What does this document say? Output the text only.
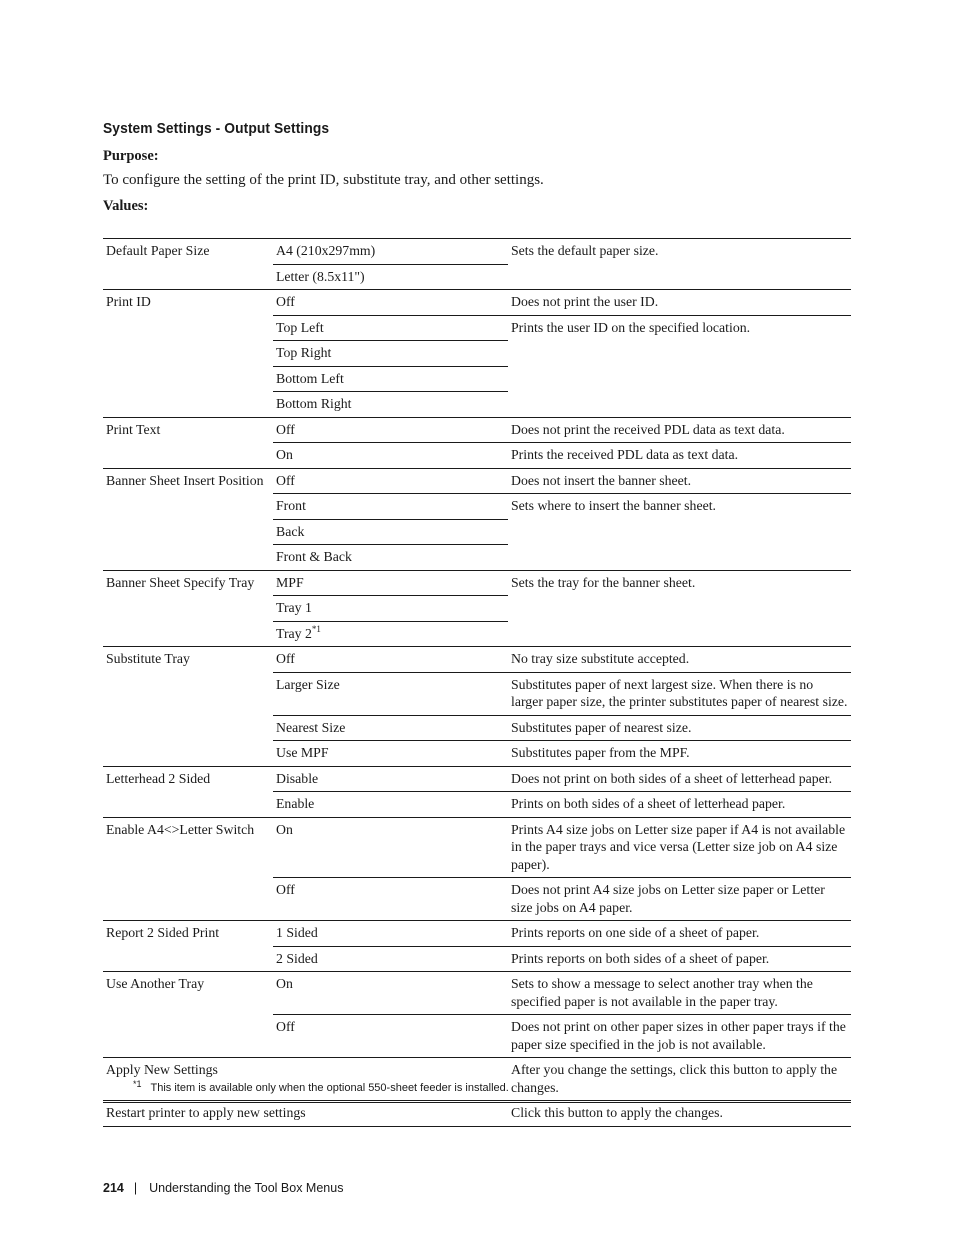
System Settings - Output Settings
Purpose:
To configure the setting of the print ID, substitute tray, and other settings.
Values:
Default Paper Size	A4 (210x297mm)	Sets the default paper size.
	Letter (8.5x11")	
Print ID	Off	Does not print the user ID.
	Top Left	Prints the user ID on the specified location.
	Top Right	
	Bottom Left	
	Bottom Right	
Print Text	Off	Does not print the received PDL data as text data.
	On	Prints the received PDL data as text data.
Banner Sheet Insert Position	Off	Does not insert the banner sheet.
	Front	Sets where to insert the banner sheet.
	Back	
	Front & Back	
Banner Sheet Specify Tray	MPF	Sets the tray for the banner sheet.
	Tray 1	
	Tray 2$^{*1}$
Substitute Tray	Off	No tray size substitute accepted.
	Larger Size	Substitutes paper of next largest size. When there is no larger paper size, the printer substitutes paper of nearest size.
	Nearest Size	Substitutes paper of nearest size.
	Use MPF	Substitutes paper from the MPF.
Letterhead 2 Sided	Disable	Does not print on both sides of a sheet of letterhead paper.
	Enable	Prints on both sides of a sheet of letterhead paper.
Enable A4<>Letter Switch	On	Prints A4 size jobs on Letter size paper if A4 is not available in the paper trays and vice versa (Letter size job on A4 size paper).
	Off	Does not print A4 size jobs on Letter size paper or Letter size jobs on A4 paper.
Report 2 Sided Print	1 Sided	Prints reports on one side of a sheet of paper.
	2 Sided	Prints reports on both sides of a sheet of paper.
Use Another Tray	On	Sets to show a message to select another tray when the specified paper is not available in the paper tray.
	Off	Does not print on other paper sizes in other paper trays if the paper size specified in the job is not available.
Apply New Settings		After you change the settings, click this button to apply the changes.
Restart printer to apply new settings		Click this button to apply the changes.
$^{*1}$ This item is available only when the optional 550-sheet feeder is installed.
214 | Understanding the Tool Box Menus
